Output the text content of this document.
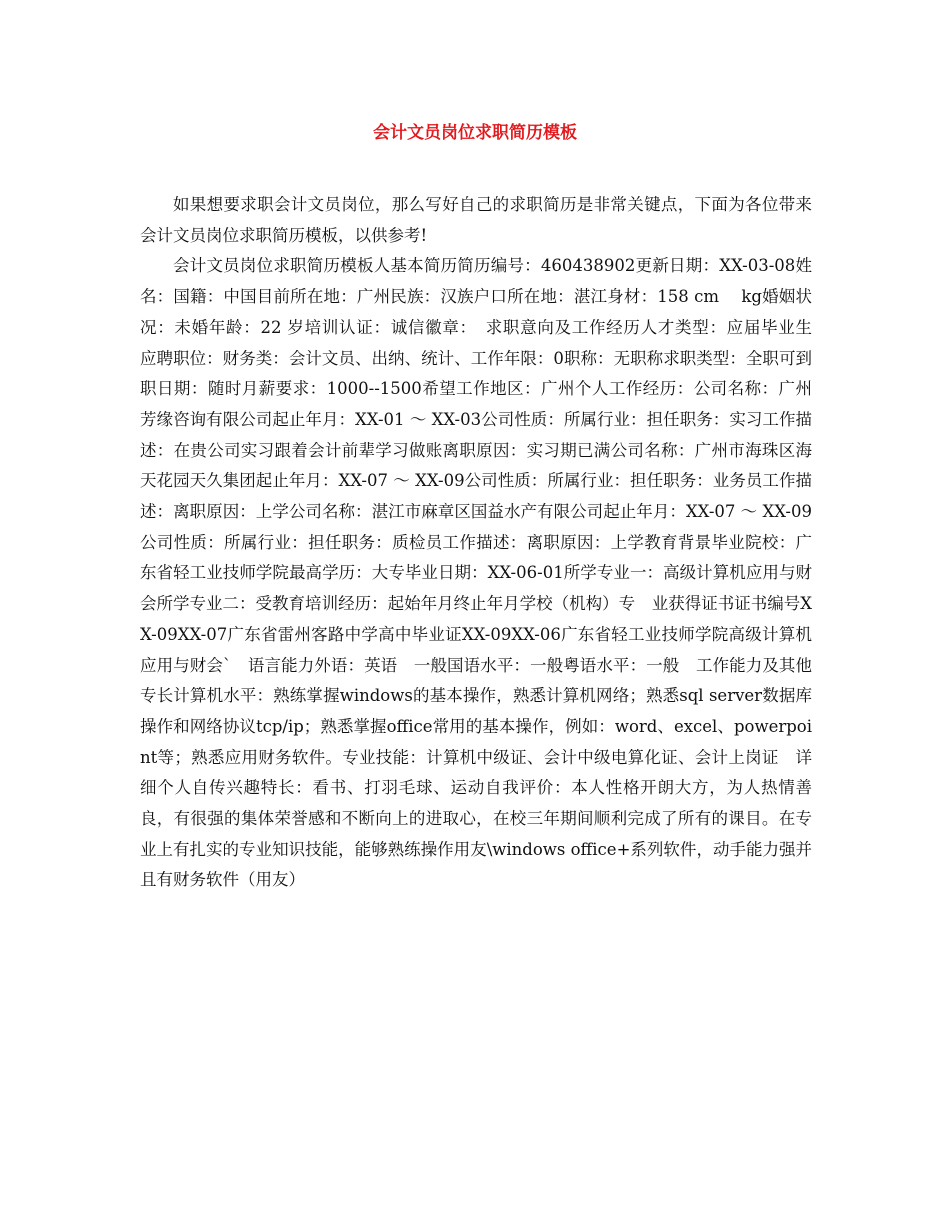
会计文员岗位求职简历模板

如果想要求职会计文员岗位，那么写好自己的求职简历是非常关键点，下面为各位带来会计文员岗位求职简历模板，以供参考!

会计文员岗位求职简历模板人基本简历简历编号：460438902更新日期：XX-03-08姓　　名：国籍：中国目前所在地：广州民族：汉族户口所在地：湛江身材：158 cm　 kg婚姻状况：未婚年龄：22 岁培训认证：诚信徽章：　求职意向及工作经历人才类型：应届毕业生　应聘职位：财务类：会计文员、出纳、统计、工作年限：0职称：无职称求职类型：全职可到职日期：随时月薪要求：1000--1500希望工作地区：广州个人工作经历：公司名称：广州芳缘咨询有限公司起止年月：XX-01 ～ XX-03公司性质：所属行业：担任职务：实习工作描述：在贵公司实习跟着会计前辈学习做账离职原因：实习期已满公司名称：广州市海珠区海天花园天久集团起止年月：XX-07 ～ XX-09公司性质：所属行业：担任职务：业务员工作描述：离职原因：上学公司名称：湛江市麻章区国益水产有限公司起止年月：XX-07 ～ XX-09公司性质：所属行业：担任职务：质检员工作描述：离职原因：上学教育背景毕业院校：广东省轻工业技师学院最高学历：大专毕业日期：XX-06-01所学专业一：高级计算机应用与财会所学专业二：受教育培训经历：起始年月终止年月学校（机构）专　业获得证书证书编号XX-09XX-07广东省雷州客路中学高中毕业证XX-09XX-06广东省轻工业技师学院高级计算机应用与财会`　语言能力外语：英语　一般国语水平：一般粤语水平：一般　工作能力及其他专长计算机水平：熟练掌握windows的基本操作，熟悉计算机网络；熟悉sql server数据库操作和网络协议tcp/ip；熟悉掌握office常用的基本操作，例如：word、excel、powerpoint等；熟悉应用财务软件。专业技能：计算机中级证、会计中级电算化证、会计上岗证　详细个人自传兴趣特长：看书、打羽毛球、运动自我评价：本人性格开朗大方，为人热情善良，有很强的集体荣誉感和不断向上的进取心，在校三年期间顺利完成了所有的课目。在专业上有扎实的专业知识技能，能够熟练操作用友\windows office+系列软件，动手能力强并且有财务软件（用友）
